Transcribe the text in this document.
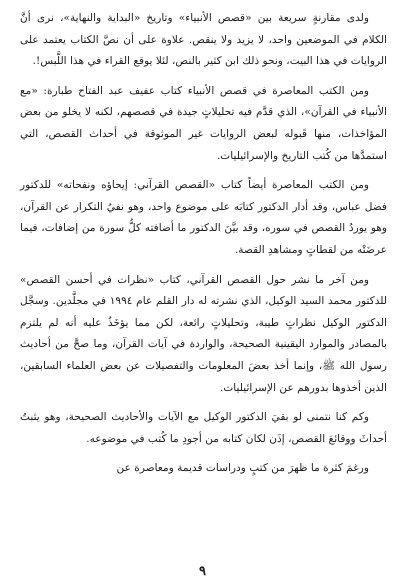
ولدى مقارنةٍ سريعة بين «قصص الأنبياء» وتاريخ «البداية والنهاية»، نرى أنَّ الكلام في الموضعين واحد، لا يزيد ولا ينقص. علاوة على أن نصَّ الكتاب يعتمد على الروايات في هذا البيت، ونحو ذلك ابن كثير بالنص، لئلا يوقع القراء في هذا اللَّبس!.

ومن الكتب المعاصرة في قصص الأنبياء كتاب عفيف عبد الفتاح طبارة: «مع الأنبياء في القرآن»، الذي قدَّم فيه تحليلاتٍ جيدة في قصصهم، لكنه لا يخلو من بعض المؤاخذات، منها قَبوله لبعض الروايات غير الموثوقة في أحداث القصص، التي استمدَّها من كُتب التاريخ والإسرائيليات.

ومن الكتب المعاصرة أيضاً كتاب «القصص القرآني: إيحاؤه ونفحاته» للدكتور فضل عباس، وقد أدار الدكتور كتابَه على موضوع واحد، وهو نفيُ التكرار عن القرآن، وهو يوردُ القصص في سوره، وقد بيَّنَ الدكتور ما أضافته كلُّ سورة من إضافات، فيما عرضَتْه من لقطاتٍ ومشاهدِ القصة.

ومن آخر ما نشر حول القصص القرآني، كتاب «نظرات في أحسن القصص» للدكتور محمد السيد الوكيل، الذي نشرته له دار القلم عام ١٩٩٤ في مجلَّدين. وسجَّل الدكتور الوكيل نظراتٍ طيبة، وتحليلاتٍ رائعة، لكن مما يؤخَذُ عليه أنه لم يلتزم بالمصادر والموارد اليقينية الصحيحة، والواردة في آيات القرآن، وما صحَّ من أحاديث رسول الله ﷺ، وإنما أخذ بعضَ المعلومات والتفصيلات عن بعض العلماء السابقين، الذين أخذوها بدورهم عن الإسرائيليات.

وكم كنا نتمنى لو بقيَ الدكتور الوكيل مع الآيات والأحاديث الصحيحة، وهو يثبتُ أحداثَ ووقائعَ القصص، إذَن لكان كتابه من أجودِ ما كُتب في موضوعه.

ورغمَ كثرة ما ظهرَ من كتبٍ ودراسات قديمة ومعاصرة عن

٩
